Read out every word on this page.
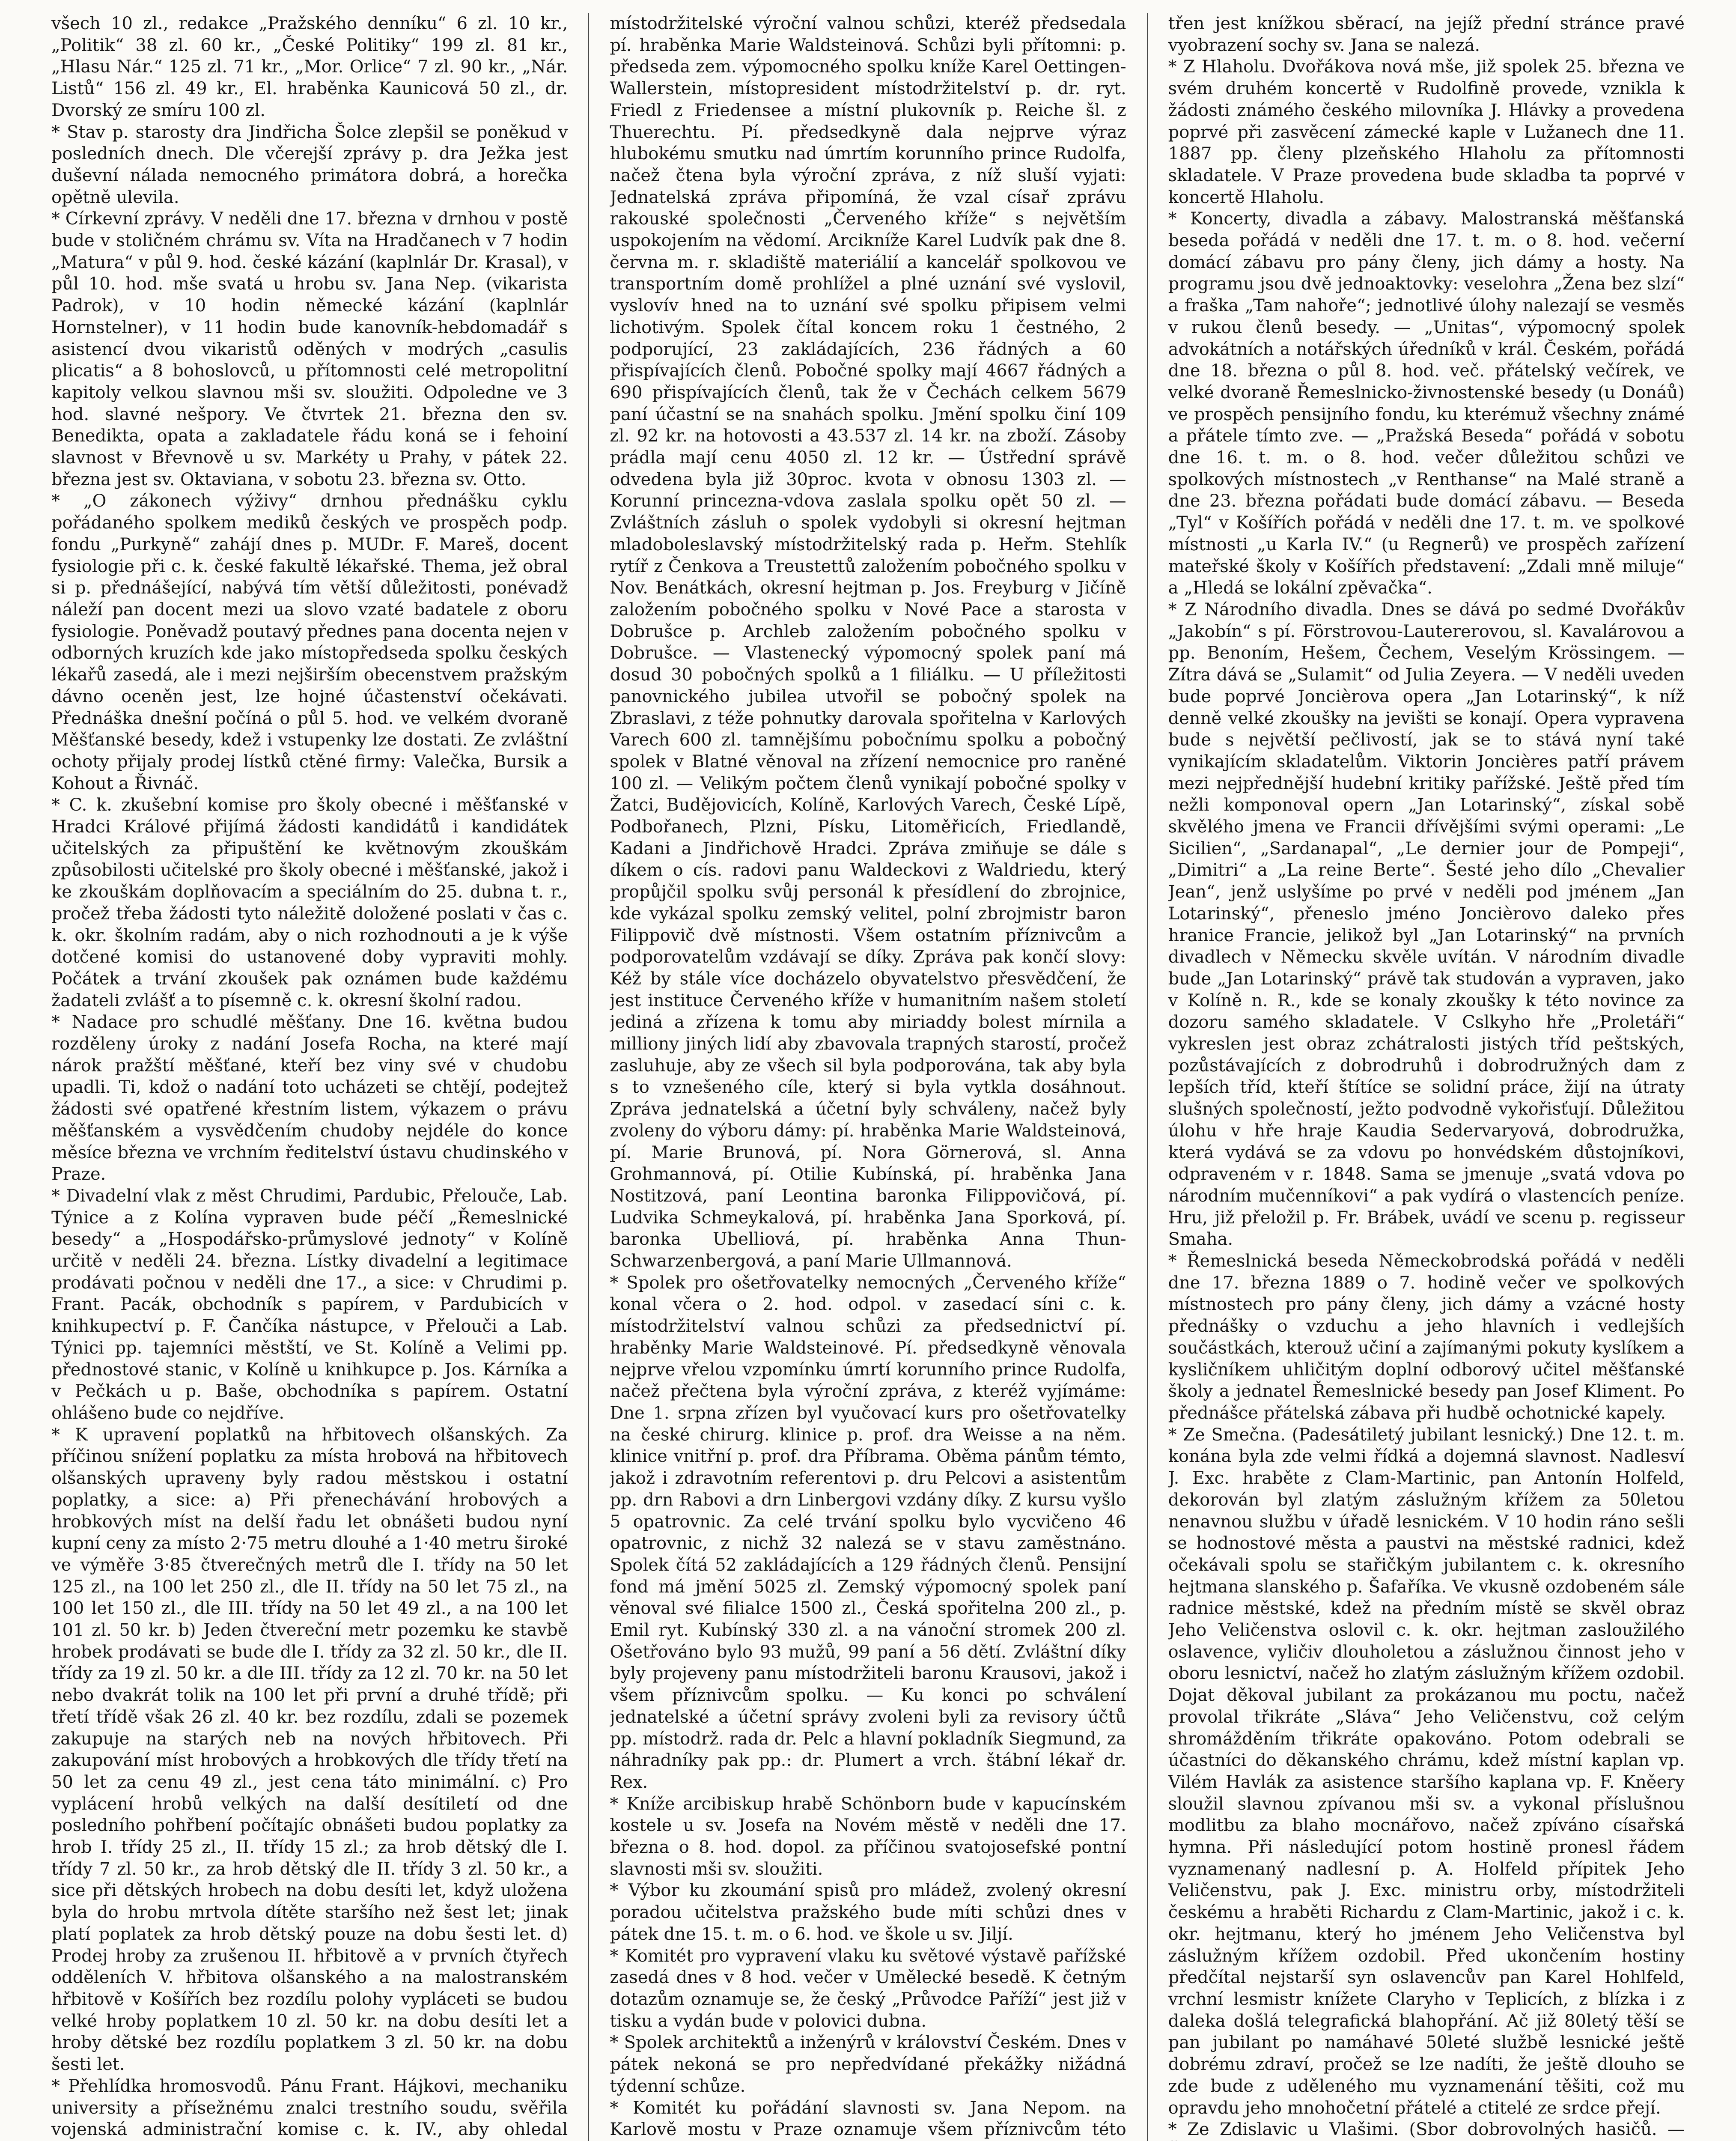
všech 10 zl., redakce „Pražského denníku“ 6 zl. 10 kr., „Politik“ 38 zl. 60 kr., „České Politiky“ 199 zl. 81 kr., „Hlasu Nár.“ 125 zl. 71 kr., „Mor. Orlice“ 7 zl. 90 kr., „Nár. Listů“ 156 zl. 49 kr., El. hraběnka Kaunicová 50 zl., dr. Dvorský ze smíru 100 zl.

* Stav p. starosty dra Jindřicha Šolce zlepšil se poněkud v posledních dnech. Dle včerejší zprávy p. dra Ježka jest duševní nálada nemocného primátora dobrá, a horečka opětně ulevila.

* Církevní zprávy. V neděli dne 17. března v drnhou v postě bude v stoličném chrámu sv. Víta na Hradčanech v 7 hodin „Matura“ v půl 9. hod. české kázání (kaplnlár Dr. Krasal), v půl 10. hod. mše svatá u hrobu sv. Jana Nep. (vikarista Padrok), v 10 hodin německé kázání (kaplnlár Hornstelner), v 11 hodin bude kanovník-hebdomadář s asistencí dvou vikaristů oděných v modrých „casulis plicatis“ a 8 bohoslovců, u přítomnosti celé metropolitní kapitoly velkou slavnou mši sv. sloužiti. Odpoledne ve 3 hod. slavné nešpory. Ve čtvrtek 21. března den sv. Benedikta, opata a zakladatele řádu koná se i fehoiní slavnost v Břevnově u sv. Markéty u Prahy, v pátek 22. března jest sv. Oktaviana, v sobotu 23. března sv. Otto.

* „O zákonech výživy“ drnhou přednášku cyklu pořádaného spolkem mediků českých ve prospěch podp. fondu „Purkyně“ zahájí dnes p. MUDr. F. Mareš, docent fysiologie při c. k. české fakultě lékařské. Thema, jež obral si p. přednášející, nabývá tím větší důležitosti, ponévadž náleží pan docent mezi ua slovo vzaté badatele z oboru fysiologie. Poněvadž poutavý přednes pana docenta nejen v odborných kruzích kde jako místopředseda spolku českých lékařů zasedá, ale i mezi nejširším obecenstvem pražským dávno oceněn jest, lze hojné účastenství očekávati. Přednáška dnešní počíná o půl 5. hod. ve velkém dvoraně Měšťanské besedy, kdež i vstupenky lze dostati. Ze zvláštní ochoty přijaly prodej lístků ctěné firmy: Valečka, Bursik a Kohout a Řivnáč.

* C. k. zkušební komise pro školy obecné i měšťanské v Hradci Králové přijímá žádosti kandidátů i kandidátek učitelských za připuštění ke květnovým zkouškám způsobilosti učitelské pro školy obecné i měšťanské, jakož i ke zkouškám doplňovacím a speciálním do 25. dubna t. r., pročež třeba žádosti tyto náležitě doložené poslati v čas c. k. okr. školním radám, aby o nich rozhodnouti a je k výše dotčené komisi do ustanovené doby vypraviti mohly. Počátek a trvání zkoušek pak oznámen bude každému žadateli zvlášť a to písemně c. k. okresní školní radou.

* Nadace pro schudlé měšťany. Dne 16. května budou rozděleny úroky z nadání Josefa Rocha, na které mají nárok pražští měšťané, kteří bez viny své v chudobu upadli. Ti, kdož o nadání toto ucházeti se chtějí, podejtež žádosti své opatřené křestním listem, výkazem o právu měšťanském a vysvědčením chudoby nejdéle do konce měsíce března ve vrchním ředitelství ústavu chudinského v Praze.

* Divadelní vlak z měst Chrudimi, Pardubic, Přelouče, Lab. Týnice a z Kolína vypraven bude péčí „Řemeslnické besedy“ a „Hospodářsko-průmyslové jednoty“ v Kolíně určitě v neděli 24. března. Lístky divadelní a legitimace prodávati počnou v neděli dne 17., a sice: v Chrudimi p. Frant. Pacák, obchodník s papírem, v Pardubicích v knihkupectví p. F. Čančíka nástupce, v Přelouči a Lab. Týnici pp. tajemníci městští, ve St. Kolíně a Velimi pp. přednostové stanic, v Kolíně u knihkupce p. Jos. Kárníka a v Pečkách u p. Baše, obchodníka s papírem. Ostatní ohlášeno bude co nejdříve.

* K upravení poplatků na hřbitovech olšanských. Za příčinou snížení poplatku za místa hrobová na hřbitovech olšanských upraveny byly radou městskou i ostatní poplatky, a sice: a) Při přenechávání hrobových a hrobkových míst na delší řadu let obnášeti budou nyní kupní ceny za místo 2·75 metru dlouhé a 1·40 metru široké ve výměře 3·85 čtverečných metrů dle I. třídy na 50 let 125 zl., na 100 let 250 zl., dle II. třídy na 50 let 75 zl., na 100 let 150 zl., dle III. třídy na 50 let 49 zl., a na 100 let 101 zl. 50 kr. b) Jeden čtvereční metr pozemku ke stavbě hrobek prodávati se bude dle I. třídy za 32 zl. 50 kr., dle II. třídy za 19 zl. 50 kr. a dle III. třídy za 12 zl. 70 kr. na 50 let nebo dvakrát tolik na 100 let při první a druhé třídě; při třetí třídě však 26 zl. 40 kr. bez rozdílu, zdali se pozemek zakupuje na starých neb na nových hřbitovech. Při zakupování míst hrobových a hrobkových dle třídy třetí na 50 let za cenu 49 zl., jest cena táto minimální. c) Pro vyplácení hrobů velkých na další desítiletí od dne posledního pohřbení počítajíc obnášeti budou poplatky za hrob I. třídy 25 zl., II. třídy 15 zl.; za hrob dětský dle I. třídy 7 zl. 50 kr., za hrob dětský dle II. třídy 3 zl. 50 kr., a sice při dětských hrobech na dobu desíti let, když uložena byla do hrobu mrtvola dítěte staršího než šest let; jinak platí poplatek za hrob dětský pouze na dobu šesti let. d) Prodej hroby za zrušenou II. hřbitově a v prvních čtyřech odděleních V. hřbitova olšanského a na malostranském hřbitově v Košířích bez rozdílu polohy vypláceti se budou velké hroby poplatkem 10 zl. 50 kr. na dobu desíti let a hroby dětské bez rozdílu poplatkem 3 zl. 50 kr. na dobu šesti let.

* Přehlídka hromosvodů. Pánu Frant. Hájkovi, mechaniku university a přísežnému znalci trestního soudu, svěřila vojenská administrační komise c. k. IV., aby ohledal

místodržitelské výroční valnou schůzi, kteréž předsedala pí. hraběnka Marie Waldsteinová. Schůzi byli přítomni: p. předseda zem. výpomocného spolku kníže Karel Oettingen-Wallerstein, místopresident místodržitelství p. dr. ryt. Friedl z Friedensee a místní plukovník p. Reiche šl. z Thuerechtu. Pí. předsedkyně dala nejprve výraz hlubokému smutku nad úmrtím korunního prince Rudolfa, načež čtena byla výroční zpráva, z níž sluší vyjati: Jednatelská zpráva připomíná, že vzal císař zprávu rakouské společnosti „Červeného kříže“ s největším uspokojením na vědomí. Arcikníže Karel Ludvík pak dne 8. června m. r. skladiště materiálií a kancelář spolkovou ve transportním domě prohlížel a plné uznání své vyslovil, vyslovív hned na to uznání své spolku připisem velmi lichotivým. Spolek čítal koncem roku 1 čestného, 2 podporující, 23 zakládajících, 236 řádných a 60 přispívajících členů. Pobočné spolky mají 4667 řádných a 690 přispívajících členů, tak že v Čechách celkem 5679 paní účastní se na snahách spolku. Jmění spolku činí 109 zl. 92 kr. na hotovosti a 43.537 zl. 14 kr. na zboží. Zásoby prádla mají cenu 4050 zl. 12 kr. — Ústřední správě odvedena byla již 30proc. kvota v obnosu 1303 zl. — Korunní princezna-vdova zaslala spolku opět 50 zl. — Zvláštních zásluh o spolek vydobyli si okresní hejtman mladoboleslavský místodržitelský rada p. Heřm. Stehlík rytíř z Čenkova a Treustettů založením pobočného spolku v Nov. Benátkách, okresní hejtman p. Jos. Freyburg v Jičíně založením pobočného spolku v Nové Pace a starosta v Dobrušce p. Archleb založením pobočného spolku v Dobrušce. — Vlastenecký výpomocný spolek paní má dosud 30 pobočných spolků a 1 filiálku. — U příležitosti panovnického jubilea utvořil se pobočný spolek na Zbraslavi, z téže pohnutky darovala spořitelna v Karlových Varech 600 zl. tamnějšímu pobočnímu spolku a pobočný spolek v Blatné věnoval na zřízení nemocnice pro raněné 100 zl. — Velikým počtem členů vynikají pobočné spolky v Žatci, Budějovicích, Kolíně, Karlových Varech, České Lípě, Podbořanech, Plzni, Písku, Litoměřicích, Friedlandě, Kadani a Jindřichově Hradci. Zpráva zmiňuje se dále s díkem o cís. radovi panu Waldeckovi z Waldriedu, který propůjčil spolku svůj personál k přesídlení do zbrojnice, kde vykázal spolku zemský velitel, polní zbrojmistr baron Filippovič dvě místnosti. Všem ostatním příznivcům a podporovatelům vzdávají se díky. Zpráva pak končí slovy: Kéž by stále více docházelo obyvatelstvo přesvědčení, že jest instituce Červeného kříže v humanitním našem století jediná a zřízena k tomu aby miriaddy bolest mírnila a milliony jiných lidí aby zbavovala trapných starostí, pročež zasluhuje, aby ze všech sil byla podporována, tak aby byla s to vznešeného cíle, který si byla vytkla dosáhnout. Zpráva jednatelská a účetní byly schváleny, načež byly zvoleny do výboru dámy: pí. hraběnka Marie Waldsteinová, pí. Marie Brunová, pí. Nora Görnerová, sl. Anna Grohmannová, pí. Otilie Kubínská, pí. hraběnka Jana Nostitzová, paní Leontina baronka Filippovičová, pí. Ludvika Schmeykalová, pí. hraběnka Jana Sporková, pí. baronka Ubelliová, pí. hraběnka Anna Thun-Schwarzenbergová, a paní Marie Ullmannová.

* Spolek pro ošetřovatelky nemocných „Červeného kříže“ konal včera o 2. hod. odpol. v zasedací síni c. k. místodržitelství valnou schůzi za předsednictví pí. hraběnky Marie Waldsteinové. Pí. předsedkyně věnovala nejprve vřelou vzpomínku úmrtí korunního prince Rudolfa, načež přečtena byla výroční zpráva, z kteréž vyjímáme: Dne 1. srpna zřízen byl vyučovací kurs pro ošetřovatelky na české chirurg. klinice p. prof. dra Weisse a na něm. klinice vnitřní p. prof. dra Příbrama. Oběma pánům témto, jakož i zdravotním referentovi p. dru Pelcovi a asistentům pp. drn Rabovi a drn Linbergovi vzdány díky. Z kursu vyšlo 5 opatrovnic. Za celé trvání spolku bylo vycvičeno 46 opatrovnic, z nichž 32 nalezá se v stavu zaměstnáno. Spolek čítá 52 zakládajících a 129 řádných členů. Pensijní fond má jmění 5025 zl. Zemský výpomocný spolek paní věnoval své filialce 1500 zl., Česká spořitelna 200 zl., p. Emil ryt. Kubínský 330 zl. a na vánoční stromek 200 zl. Ošetřováno bylo 93 mužů, 99 paní a 56 dětí. Zvláštní díky byly projeveny panu místodržiteli baronu Krausovi, jakož i všem příznivcům spolku. — Ku konci po schválení jednatelské a účetní správy zvoleni byli za revisory účtů pp. místodrž. rada dr. Pelc a hlavní pokladník Siegmund, za náhradníky pak pp.: dr. Plumert a vrch. štábní lékař dr. Rex.

* Kníže arcibiskup hrabě Schönborn bude v kapucínském kostele u sv. Josefa na Novém městě v neděli dne 17. března o 8. hod. dopol. za příčinou svatojosefské pontní slavnosti mši sv. sloužiti.

* Výbor ku zkoumání spisů pro mládež, zvolený okresní poradou učitelstva pražského bude míti schůzi dnes v pátek dne 15. t. m. o 6. hod. ve škole u sv. Jiljí.

* Komitét pro vypravení vlaku ku světové výstavě pařížské zasedá dnes v 8 hod. večer v Umělecké besedě. K četným dotazům oznamuje se, že český „Průvodce Paříží“ jest již v tisku a vydán bude v polovici dubna.

* Spolek architektů a inženýrů v království Českém. Dnes v pátek nekoná se pro nepředvídané překážky nižádná týdenní schůze.

* Komitét ku pořádání slavnosti sv. Jana Nepom. na Karlově mostu v Praze oznamuje všem příznivcům této

třen jest knížkou sběrací, na jejíž přední stránce pravé vyobrazení sochy sv. Jana se nalezá.

* Z Hlaholu. Dvořákova nová mše, již spolek 25. března ve svém druhém koncertě v Rudolfině provede, vznikla k žádosti známého českého milovníka J. Hlávky a provedena poprvé při zasvěcení zámecké kaple v Lužanech dne 11. 1887 pp. členy plzeňského Hlaholu za přítomnosti skladatele. V Praze provedena bude skladba ta poprvé v koncertě Hlaholu.

* Koncerty, divadla a zábavy. Malostranská měšťanská beseda pořádá v neděli dne 17. t. m. o 8. hod. večerní domácí zábavu pro pány členy, jich dámy a hosty. Na programu jsou dvě jednoaktovky: veselohra „Žena bez slzí“ a fraška „Tam nahoře“; jednotlivé úlohy nalezají se vesměs v rukou členů besedy. — „Unitas“, výpomocný spolek advokátních a notářských úředníků v král. Českém, pořádá dne 18. března o půl 8. hod. več. přátelský večírek, ve velké dvoraně Řemeslnicko-živnostenské besedy (u Donáů) ve prospěch pensijního fondu, ku kterémuž všechny známé a přátele tímto zve. — „Pražská Beseda“ pořádá v sobotu dne 16. t. m. o 8. hod. večer důležitou schůzi ve spolkových místnostech „v Renthanse“ na Malé straně a dne 23. března pořádati bude domácí zábavu. — Beseda „Tyl“ v Košířích pořádá v neděli dne 17. t. m. ve spolkové místnosti „u Karla IV.“ (u Regnerů) ve prospěch zařízení mateřské školy v Košířích představení: „Zdali mně miluje“ a „Hledá se lokální zpěvačka“.

* Z Národního divadla. Dnes se dává po sedmé Dvořákův „Jakobín“ s pí. Förstrovou-Lautererovou, sl. Kavalárovou a pp. Benoním, Hešem, Čechem, Veselým Krössingem. — Zítra dává se „Sulamit“ od Julia Zeyera. — V neděli uveden bude poprvé Joncièrova opera „Jan Lotarinský“, k níž denně velké zkoušky na jevišti se konají. Opera vypravena bude s největší pečlivostí, jak se to stává nyní také vynikajícím skladatelům. Viktorin Joncières patří právem mezi nejpřednější hudební kritiky pařížské. Ještě před tím nežli komponoval opern „Jan Lotarinský“, získal sobě skvělého jmena ve Francii dřívějšími svými operami: „Le Sicilien“, „Sardanapal“, „Le dernier jour de Pompeji“, „Dimitri“ a „La reine Berte“. Šesté jeho dílo „Chevalier Jean“, jenž uslyšíme po prvé v neděli pod jménem „Jan Lotarinský“, přeneslo jméno Joncièrovo daleko přes hranice Francie, jelikož byl „Jan Lotarinský“ na prvních divadlech v Německu skvěle uvítán. V národním divadle bude „Jan Lotarinský“ právě tak studován a vypraven, jako v Kolíně n. R., kde se konaly zkoušky k této novince za dozoru samého skladatele. V Cslkyho hře „Proletáři“ vykreslen jest obraz zchátralosti jistých tříd peštských, pozůstávajících z dobrodruhů i dobrodružných dam z lepších tříd, kteří štítíce se solidní práce, žijí na útraty slušných společností, ježto podvodně vykořisťují. Důležitou úlohu v hře hraje Kaudia Sedervaryová, dobrodružka, která vydává se za vdovu po honvédském důstojníkovi, odpraveném v r. 1848. Sama se jmenuje „svatá vdova po národním mučenníkovi“ a pak vydírá o vlastencích peníze. Hru, již přeložil p. Fr. Brábek, uvádí ve scenu p. regisseur Smaha.

* Řemeslnická beseda Německobrodská pořádá v neděli dne 17. března 1889 o 7. hodině večer ve spolkových místnostech pro pány členy, jich dámy a vzácné hosty přednášky o vzduchu a jeho hlavních i vedlejších součástkách, kterouž učiní a zajímanými pokuty kyslíkem a kysličníkem uhličitým doplní odborový učitel měšťanské školy a jednatel Řemeslnické besedy pan Josef Kliment. Po přednášce přátelská zábava při hudbě ochotnické kapely.

* Ze Smečna. (Padesátiletý jubilant lesnický.) Dne 12. t. m. konána byla zde velmi řídká a dojemná slavnost. Nadlesví J. Exc. hraběte z Clam-Martinic, pan Antonín Holfeld, dekorován byl zlatým záslužným křížem za 50letou nenavnou službu v úřadě lesnickém. V 10 hodin ráno sešli se hodnostové města a paustvi na městské radnici, kdež očekávali spolu se stařičkým jubilantem c. k. okresního hejtmana slanského p. Šafaříka. Ve vkusně ozdobeném sále radnice městské, kdež na předním místě se skvěl obraz Jeho Veličenstva oslovil c. k. okr. hejtman zasloužilého oslavence, vyličiv dlouholetou a záslužnou činnost jeho v oboru lesnictví, načež ho zlatým záslužným křížem ozdobil. Dojat děkoval jubilant za prokázanou mu poctu, načež provolal třikráte „Sláva“ Jeho Veličenstvu, což celým shromážděním třikráte opakováno. Potom odebrali se účastníci do děkanského chrámu, kdež místní kaplan vp. Vilém Havlák za asistence staršího kaplana vp. F. Kněery sloužil slavnou zpívanou mši sv. a vykonal příslušnou modlitbu za blaho mocnářovo, načež zpíváno císařská hymna. Při následující potom hostině pronesl řádem vyznamenaný nadlesní p. A. Holfeld přípitek Jeho Veličenstvu, pak J. Exc. ministru orby, místodržiteli českému a hraběti Richardu z Clam-Martinic, jakož i c. k. okr. hejtmanu, který ho jménem Jeho Veličenstva byl záslužným křížem ozdobil. Před ukončením hostiny předčítal nejstarší syn oslavencův pan Karel Hohlfeld, vrchní lesmistr knížete Claryho v Teplicích, z blízka i z daleka došlá telegrafická blahopřání. Ač již 80letý těší se pan jubilant po namáhavé 50leté službě lesnické ještě dobrému zdraví, pročež se lze nadíti, že ještě dlouho se zde bude z uděleného mu vyznamenání těšiti, což mu opravdu jeho mnohočetní přátelé a ctitelé ze srdce přejí.

* Ze Zdislavic u Vlašimi. (Sbor dobrovolných hasičů. —
